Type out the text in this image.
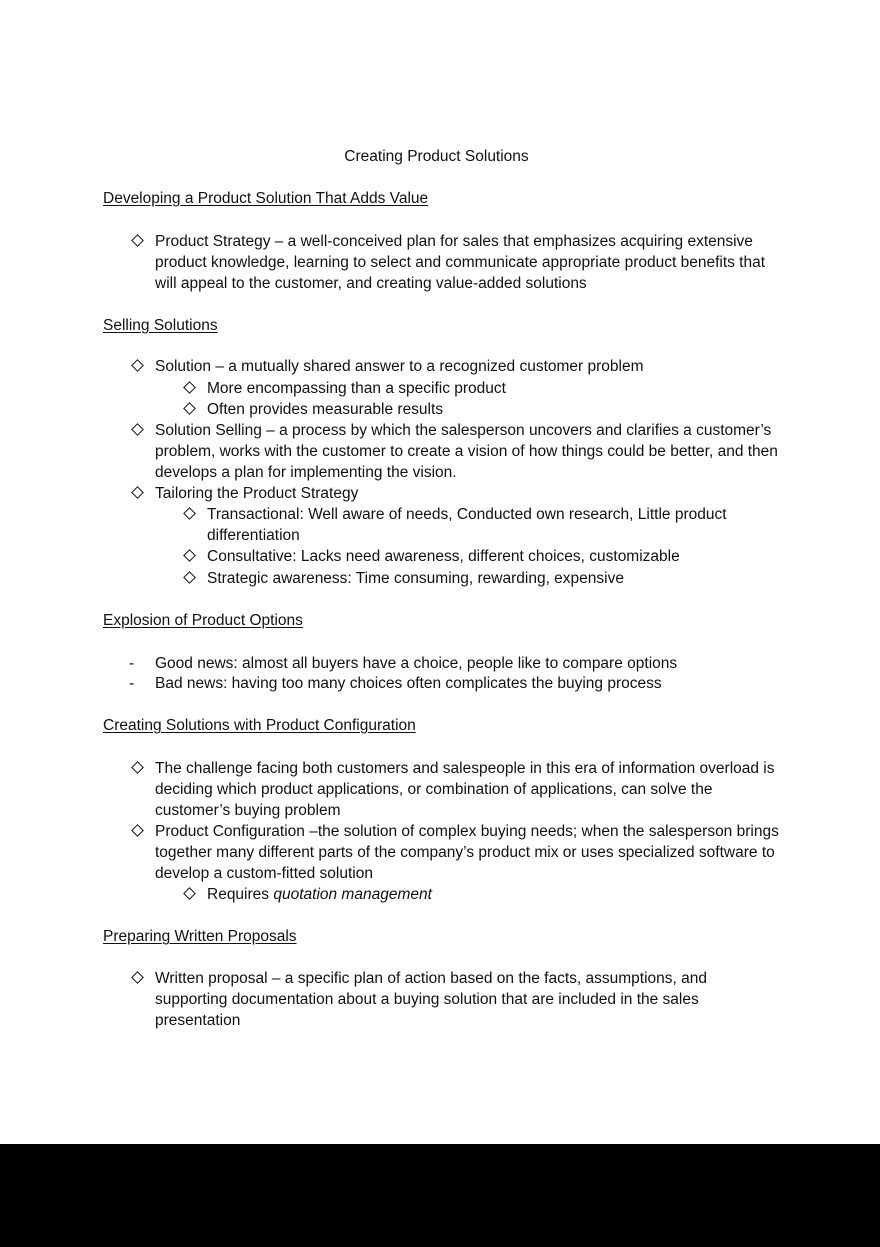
Creating Product Solutions
Developing a Product Solution That Adds Value
Product Strategy – a well-conceived plan for sales that emphasizes acquiring extensive product knowledge, learning to select and communicate appropriate product benefits that will appeal to the customer, and creating value-added solutions
Selling Solutions
Solution – a mutually shared answer to a recognized customer problem
More encompassing than a specific product
Often provides measurable results
Solution Selling – a process by which the salesperson uncovers and clarifies a customer’s problem, works with the customer to create a vision of how things could be better, and then develops a plan for implementing the vision.
Tailoring the Product Strategy
Transactional: Well aware of needs, Conducted own research, Little product differentiation
Consultative: Lacks need awareness, different choices, customizable
Strategic awareness: Time consuming, rewarding, expensive
Explosion of Product Options
- Good news: almost all buyers have a choice, people like to compare options
- Bad news: having too many choices often complicates the buying process
Creating Solutions with Product Configuration
The challenge facing both customers and salespeople in this era of information overload is deciding which product applications, or combination of applications, can solve the customer’s buying problem
Product Configuration –the solution of complex buying needs; when the salesperson brings together many different parts of the company’s product mix or uses specialized software to develop a custom-fitted solution
Requires quotation management
Preparing Written Proposals
Written proposal – a specific plan of action based on the facts, assumptions, and supporting documentation about a buying solution that are included in the sales presentation
